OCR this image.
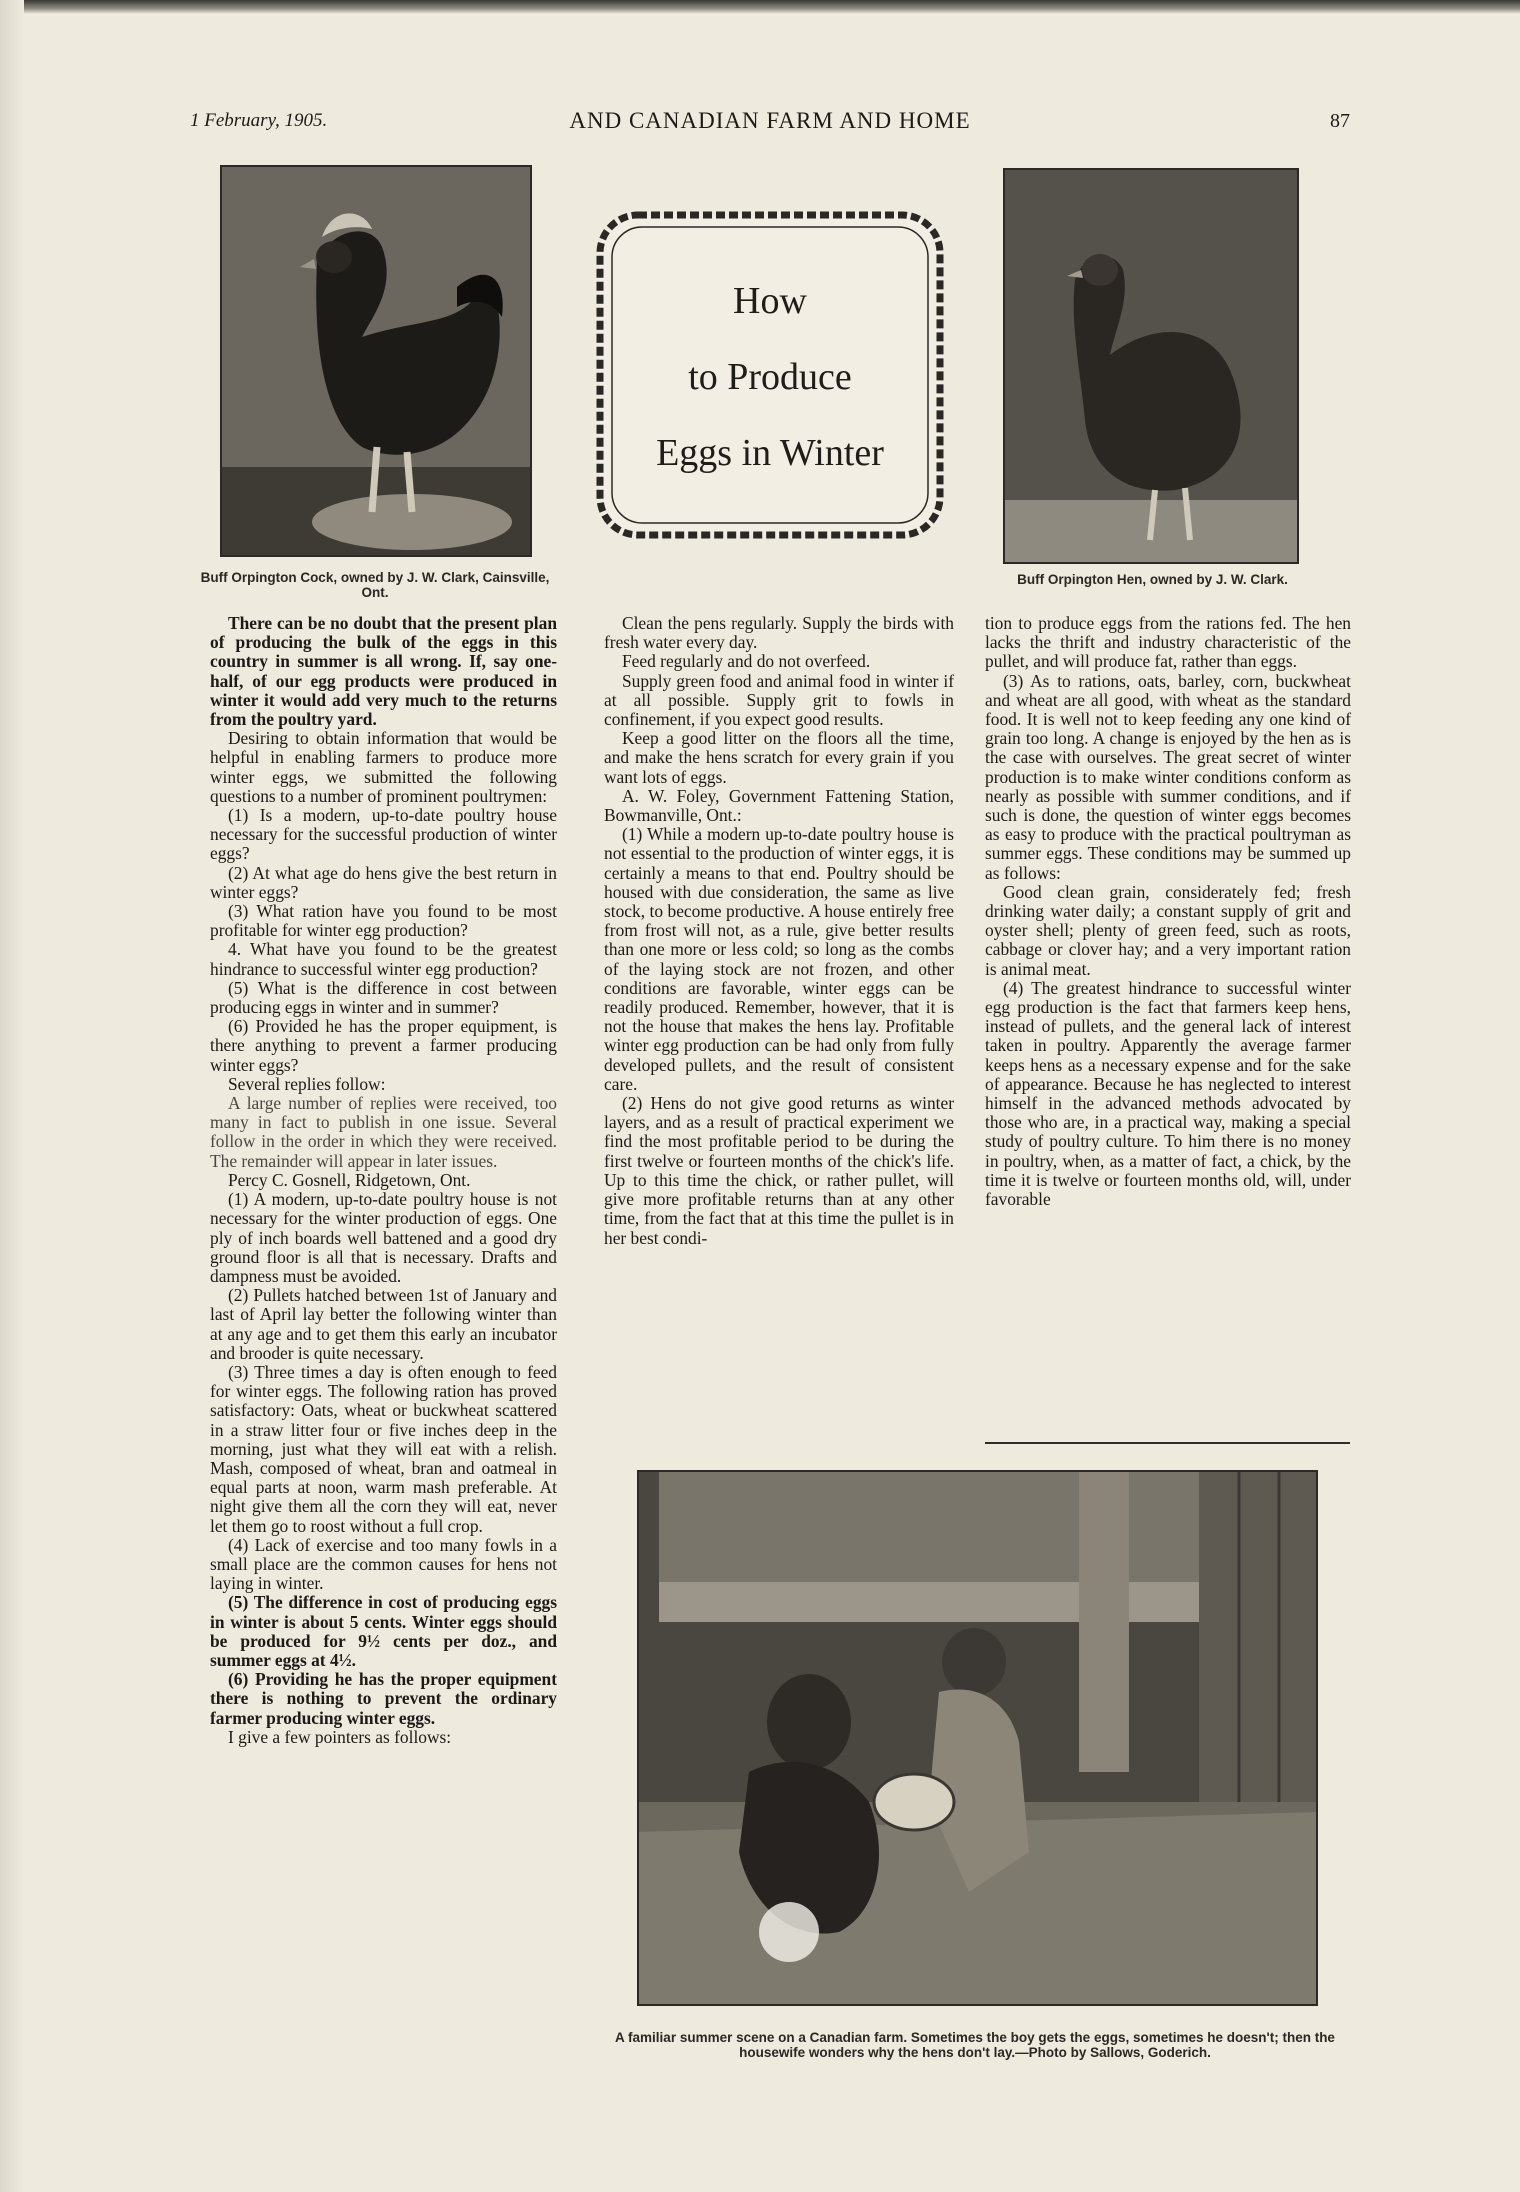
1 February, 1905.	AND CANADIAN FARM AND HOME	87
Buff Orpington Cock, owned by J. W. Clark, Cainsville, Ont.
How
to Produce
Eggs in Winter
Buff Orpington Hen, owned by J. W. Clark.

There can be no doubt that the present plan of producing the bulk of the eggs in this country in summer is all wrong. If, say one-half, of our egg products were produced in winter it would add very much to the returns from the poultry yard.

Desiring to obtain information that would be helpful in enabling farmers to produce more winter eggs, we submitted the following questions to a number of prominent poultrymen:

(1) Is a modern, up-to-date poultry house necessary for the successful production of winter eggs?

(2) At what age do hens give the best return in winter eggs?

(3) What ration have you found to be most profitable for winter egg production?

4. What have you found to be the greatest hindrance to successful winter egg production?

(5) What is the difference in cost between producing eggs in winter and in summer?

(6) Provided he has the proper equipment, is there anything to prevent a farmer producing winter eggs?

Several replies follow:

A large number of replies were received, too many in fact to publish in one issue. Several follow in the order in which they were received. The remainder will appear in later issues.

Percy C. Gosnell, Ridgetown, Ont.

(1) A modern, up-to-date poultry house is not necessary for the winter production of eggs. One ply of inch boards well battened and a good dry ground floor is all that is necessary. Drafts and dampness must be avoided.

(2) Pullets hatched between 1st of January and last of April lay better the following winter than at any age and to get them this early an incubator and brooder is quite necessary.

(3) Three times a day is often enough to feed for winter eggs. The following ration has proved satisfactory: Oats, wheat or buckwheat scattered in a straw litter four or five inches deep in the morning, just what they will eat with a relish. Mash, composed of wheat, bran and oatmeal in equal parts at noon, warm mash preferable. At night give them all the corn they will eat, never let them go to roost without a full crop.

(4) Lack of exercise and too many fowls in a small place are the common causes for hens not laying in winter.

(5) The difference in cost of producing eggs in winter is about 5 cents. Winter eggs should be produced for 9½ cents per doz., and summer eggs at 4½.

(6) Providing he has the proper equipment there is nothing to prevent the ordinary farmer producing winter eggs.

I give a few pointers as follows:

Clean the pens regularly. Supply the birds with fresh water every day.

Feed regularly and do not overfeed.

Supply green food and animal food in winter if at all possible. Supply grit to fowls in confinement, if you expect good results.

Keep a good litter on the floors all the time, and make the hens scratch for every grain if you want lots of eggs.

A. W. Foley, Government Fattening Station, Bowmanville, Ont.:

(1) While a modern up-to-date poultry house is not essential to the production of winter eggs, it is certainly a means to that end. Poultry should be housed with due consideration, the same as live stock, to become productive. A house entirely free from frost will not, as a rule, give better results than one more or less cold; so long as the combs of the laying stock are not frozen, and other conditions are favorable, winter eggs can be readily produced. Remember, however, that it is not the house that makes the hens lay. Profitable winter egg production can be had only from fully developed pullets, and the result of consistent care.

(2) Hens do not give good returns as winter layers, and as a result of practical experiment we find the most profitable period to be during the first twelve or fourteen months of the chick's life. Up to this time the chick, or rather pullet, will give more profitable returns than at any other time, from the fact that at this time the pullet is in her best condi-

tion to produce eggs from the rations fed. The hen lacks the thrift and industry characteristic of the pullet, and will produce fat, rather than eggs.

(3) As to rations, oats, barley, corn, buckwheat and wheat are all good, with wheat as the standard food. It is well not to keep feeding any one kind of grain too long. A change is enjoyed by the hen as is the case with ourselves. The great secret of winter production is to make winter conditions conform as nearly as possible with summer conditions, and if such is done, the question of winter eggs becomes as easy to produce with the practical poultryman as summer eggs. These conditions may be summed up as follows:

Good clean grain, considerately fed; fresh drinking water daily; a constant supply of grit and oyster shell; plenty of green feed, such as roots, cabbage or clover hay; and a very important ration is animal meat.

(4) The greatest hindrance to successful winter egg production is the fact that farmers keep hens, instead of pullets, and the general lack of interest taken in poultry. Apparently the average farmer keeps hens as a necessary expense and for the sake of appearance. Because he has neglected to interest himself in the advanced methods advocated by those who are, in a practical way, making a special study of poultry culture. To him there is no money in poultry, when, as a matter of fact, a chick, by the time it is twelve or fourteen months old, will, under favorable

A familiar summer scene on a Canadian farm. Sometimes the boy gets the eggs, sometimes he doesn't; then the housewife wonders why the hens don't lay.—Photo by Sallows, Goderich.
